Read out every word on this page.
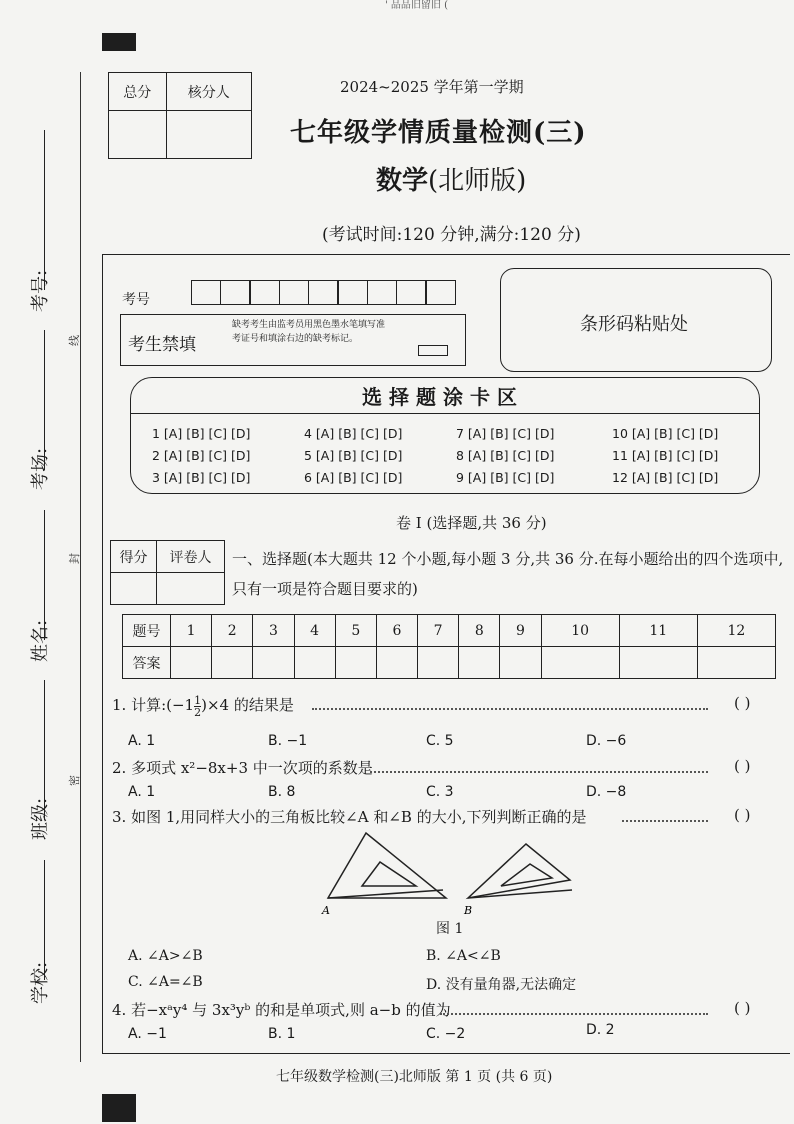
' 品品旧留旧 (
总分	核分人
		2024~2025 学年第一学期
七年级学情质量检测(三)
数学(北师版)
(考试时间:120 分钟,满分:120 分)
考号:
考场:
姓名:
班级:
学校:
线
封
密
考号
考生禁填
缺考考生由监考员用黑色墨水笔填写准考证号和填涂右边的缺考标记。
条形码粘贴处
选择题涂卡区
1 [A] [B] [C] [D]	4 [A] [B] [C] [D]	7 [A] [B] [C] [D]	10 [A] [B] [C] [D]
2 [A] [B] [C] [D]	5 [A] [B] [C] [D]	8 [A] [B] [C] [D]	11 [A] [B] [C] [D]
3 [A] [B] [C] [D]	6 [A] [B] [C] [D]	9 [A] [B] [C] [D]	12 [A] [B] [C] [D]
卷 I (选择题,共 36 分)
得分	评卷人
	一、选择题(本大题共 12 个小题,每小题 3 分,共 36 分.在每小题给出的四个选项中,只有一项是符合题目要求的)
题号	1	2	3	4	5	6	7	8	9	10	11	12
答案												
1. 计算:(−1 $\frac{1}{2} )\times 4$ 的结果是	( )
A. 1	B. −1	C. 5	D. −6
2. 多项式 x²−8x+3 中一次项的系数是	( )
A. 1	B. 8	C. 3	D. −8
3. 如图 1,用同样大小的三角板比较∠A 和∠B 的大小,下列判断正确的是	( )
A	B
图 1
A. ∠A>∠B	B. ∠A<∠B
C. ∠A=∠B	D. 没有量角器,无法确定
4. 若−xᵃy⁴ 与 3x³yᵇ 的和是单项式,则 a−b 的值为	( )
A. −1	B. 1	C. −2	D. 2
七年级数学检测(三)北师版 第 1 页 (共 6 页)
